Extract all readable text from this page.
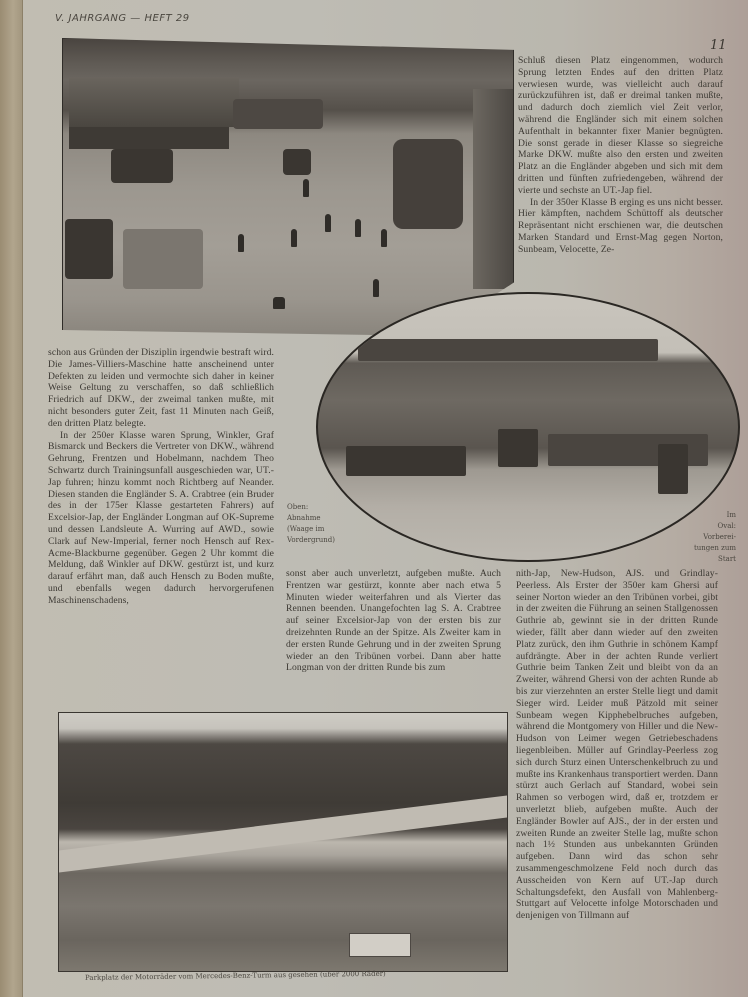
V. JAHRGANG — HEFT 29
11
Oben:
Abnahme
(Waage im
Vordergrund)
Im
Oval:
Vorberei-
tungen zum Start
Parkplatz der Motorräder vom Mercedes-Benz-Turm aus gesehen (über 2000 Räder)

Schluß diesen Platz eingenommen, wodurch Sprung letzten Endes auf den dritten Platz verwiesen wurde, was vielleicht auch darauf zurückzuführen ist, daß er dreimal tanken mußte, und dadurch doch ziemlich viel Zeit verlor, während die Engländer sich mit einem solchen Aufenthalt in bekannter fixer Manier begnügten. Die sonst gerade in dieser Klasse so siegreiche Marke DKW. mußte also den ersten und zweiten Platz an die Engländer abgeben und sich mit dem dritten und fünften zufriedengeben, während der vierte und sechste an UT.-Jap fiel.

In der 350er Klasse B erging es uns nicht besser. Hier kämpften, nachdem Schüttoff als deutscher Repräsentant nicht erschienen war, die deutschen Marken Standard und Ernst-Mag gegen Norton, Sunbeam, Velocette, Ze-

schon aus Gründen der Disziplin irgendwie bestraft wird. Die James-Villiers-Maschine hatte anscheinend unter Defekten zu leiden und vermochte sich daher in keiner Weise Geltung zu verschaffen, so daß schließlich Friedrich auf DKW., der zweimal tanken mußte, mit nicht besonders guter Zeit, fast 11 Minuten nach Geiß, den dritten Platz belegte.

In der 250er Klasse waren Sprung, Winkler, Graf Bismarck und Beckers die Vertreter von DKW., während Gehrung, Frentzen und Hobelmann, nachdem Theo Schwartz durch Trainingsunfall ausgeschieden war, UT.-Jap fuhren; hinzu kommt noch Richtberg auf Neander. Diesen standen die Engländer S. A. Crabtree (ein Bruder des in der 175er Klasse gestarteten Fahrers) auf Excelsior-Jap, der Engländer Longman auf OK-Supreme und dessen Landsleute A. Wurring auf AWD., sowie Clark auf New-Imperial, ferner noch Hensch auf Rex-Acme-Blackburne gegenüber. Gegen 2 Uhr kommt die Meldung, daß Winkler auf DKW. gestürzt ist, und kurz darauf erfährt man, daß auch Hensch zu Boden mußte, und ebenfalls wegen dadurch hervorgerufenen Maschinenschadens,

sonst aber auch unverletzt, aufgeben mußte. Auch Frentzen war gestürzt, konnte aber nach etwa 5 Minuten wieder weiterfahren und als Vierter das Rennen beenden. Unangefochten lag S. A. Crabtree auf seiner Excelsior-Jap von der ersten bis zur dreizehnten Runde an der Spitze. Als Zweiter kam in der ersten Runde Gehrung und in der zweiten Sprung wieder an den Tribünen vorbei. Dann aber hatte Longman von der dritten Runde bis zum

nith-Jap, New-Hudson, AJS. und Grindlay-Peerless. Als Erster der 350er kam Ghersi auf seiner Norton wieder an den Tribünen vorbei, gibt in der zweiten die Führung an seinen Stallgenossen Guthrie ab, gewinnt sie in der dritten Runde wieder, fällt aber dann wieder auf den zweiten Platz zurück, den ihm Guthrie in schönem Kampf aufdrängte. Aber in der achten Runde verliert Guthrie beim Tanken Zeit und bleibt von da an Zweiter, während Ghersi von der achten Runde ab bis zur vierzehnten an erster Stelle liegt und damit Sieger wird. Leider muß Pätzold mit seiner Sunbeam wegen Kipphebelbruches aufgeben, während die Montgomery von Hiller und die New-Hudson von Leimer wegen Getriebeschadens liegenbleiben. Müller auf Grindlay-Peerless zog sich durch Sturz einen Unterschenkelbruch zu und mußte ins Krankenhaus transportiert werden. Dann stürzt auch Gerlach auf Standard, wobei sein Rahmen so verbogen wird, daß er, trotzdem er unverletzt blieb, aufgeben mußte. Auch der Engländer Bowler auf AJS., der in der ersten und zweiten Runde an zweiter Stelle lag, mußte schon nach 1½ Stunden aus unbekannten Gründen aufgeben. Dann wird das schon sehr zusammengeschmolzene Feld noch durch das Ausscheiden von Kern auf UT.-Jap durch Schaltungsdefekt, den Ausfall von Mahlenberg-Stuttgart auf Velocette infolge Motorschaden und denjenigen von Tillmann auf
